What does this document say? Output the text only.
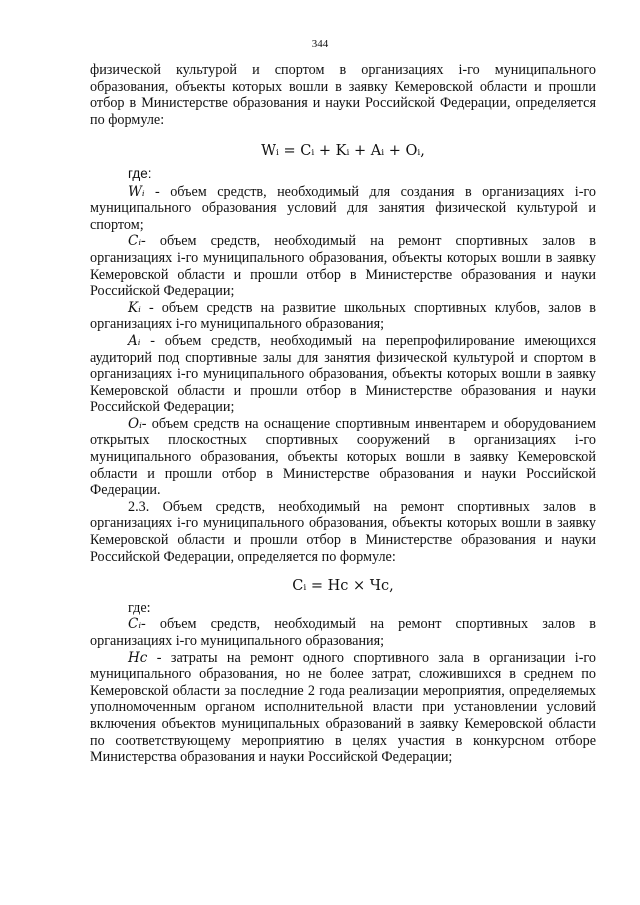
344

физической культурой и спортом в организациях i-го муниципального образования, объекты которых вошли в заявку Кемеровской области и прошли отбор в Министерстве образования и науки Российской Федерации, определяется по формуле:

Wᵢ = Cᵢ + Kᵢ + Aᵢ + Oᵢ,
где:

Wᵢ - объем средств, необходимый для создания в организациях i-го муниципального образования условий для занятия физической культурой и спортом;

Cᵢ- объем средств, необходимый на ремонт спортивных залов в организациях i-го муниципального образования, объекты которых вошли в заявку Кемеровской области и прошли отбор в Министерстве образования и науки Российской Федерации;

Kᵢ - объем средств на развитие школьных спортивных клубов, залов в организациях i-го муниципального образования;

Aᵢ - объем средств, необходимый на перепрофилирование имеющихся аудиторий под спортивные залы для занятия физической культурой и спортом в организациях i-го муниципального образования, объекты которых вошли в заявку Кемеровской области и прошли отбор в Министерстве образования и науки Российской Федерации;

Oᵢ- объем средств на оснащение спортивным инвентарем и оборудованием открытых плоскостных спортивных сооружений в организациях i-го муниципального образования, объекты которых вошли в заявку Кемеровской области и прошли отбор в Министерстве образования и науки Российской Федерации.

2.3. Объем средств, необходимый на ремонт спортивных залов в организациях i-го муниципального образования, объекты которых вошли в заявку Кемеровской области и прошли отбор в Министерстве образования и науки Российской Федерации, определяется по формуле:

Cᵢ = Нс × Чс,
где:

Cᵢ- объем средств, необходимый на ремонт спортивных залов в организациях i-го муниципального образования;

Hс - затраты на ремонт одного спортивного зала в организации i-го муниципального образования, но не более затрат, сложившихся в среднем по Кемеровской области за последние 2 года реализации мероприятия, определяемых уполномоченным органом исполнительной власти при установлении условий включения объектов муниципальных образований в заявку Кемеровской области по соответствующему мероприятию в целях участия в конкурсном отборе Министерства образования и науки Российской Федерации;
